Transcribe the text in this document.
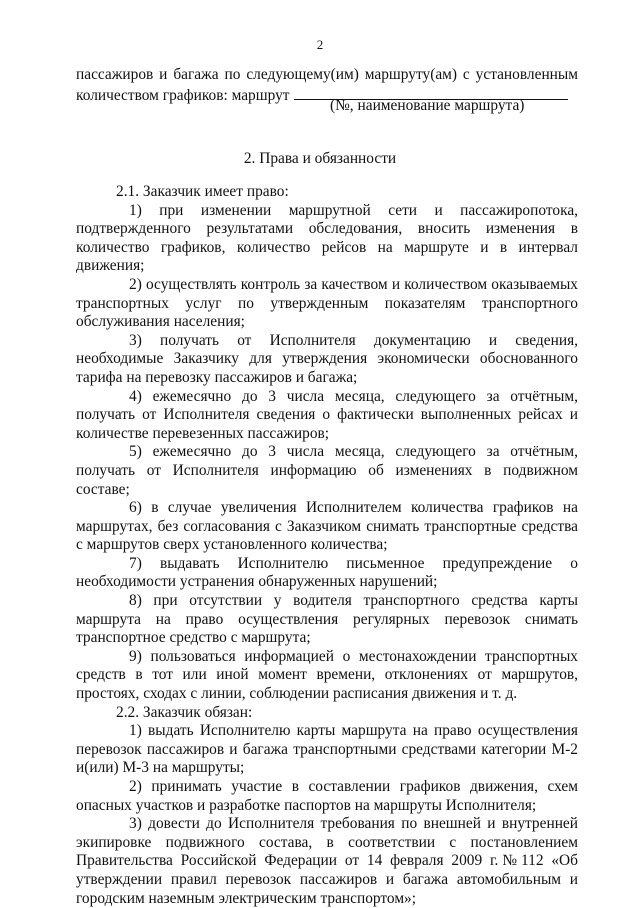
2

пассажиров и багажа по следующему(им) маршруту(ам) с установленным

количеством графиков: маршрут

(№, наименование маршрута)
2. Права и обязанности

2.1. Заказчик имеет право:

1) при изменении маршрутной сети и пассажиропотока, подтвержденного результатами обследования, вносить изменения в количество графиков, количество рейсов на маршруте и в интервал движения;

2) осуществлять контроль за качеством и количеством оказываемых транспортных услуг по утвержденным показателям транспортного обслуживания населения;

3) получать от Исполнителя документацию и сведения, необходимые Заказчику для утверждения экономически обоснованного тарифа на перевозку пассажиров и багажа;

4) ежемесячно до 3 числа месяца, следующего за отчётным, получать от Исполнителя сведения о фактически выполненных рейсах и количестве перевезенных пассажиров;

5) ежемесячно до 3 числа месяца, следующего за отчётным, получать от Исполнителя информацию об изменениях в подвижном составе;

6) в случае увеличения Исполнителем количества графиков на маршрутах, без согласования с Заказчиком снимать транспортные средства с маршрутов сверх установленного количества;

7) выдавать Исполнителю письменное предупреждение о необходимости устранения обнаруженных нарушений;

8) при отсутствии у водителя транспортного средства карты маршрута на право осуществления регулярных перевозок снимать транспортное средство с маршрута;

9) пользоваться информацией о местонахождении транспортных средств в тот или иной момент времени, отклонениях от маршрутов, простоях, сходах с линии, соблюдении расписания движения и т. д.

2.2. Заказчик обязан:

1) выдать Исполнителю карты маршрута на право осуществления перевозок пассажиров и багажа транспортными средствами категории М-2 и(или) М-3 на маршруты;

2) принимать участие в составлении графиков движения, схем опасных участков и разработке паспортов на маршруты Исполнителя;

3) довести до Исполнителя требования по внешней и внутренней экипировке подвижного состава, в соответствии с постановлением Правительства Российской Федерации от 14 февраля 2009 г.№112 «Об утверждении правил перевозок пассажиров и багажа автомобильным и городским наземным электрическим транспортом»;
